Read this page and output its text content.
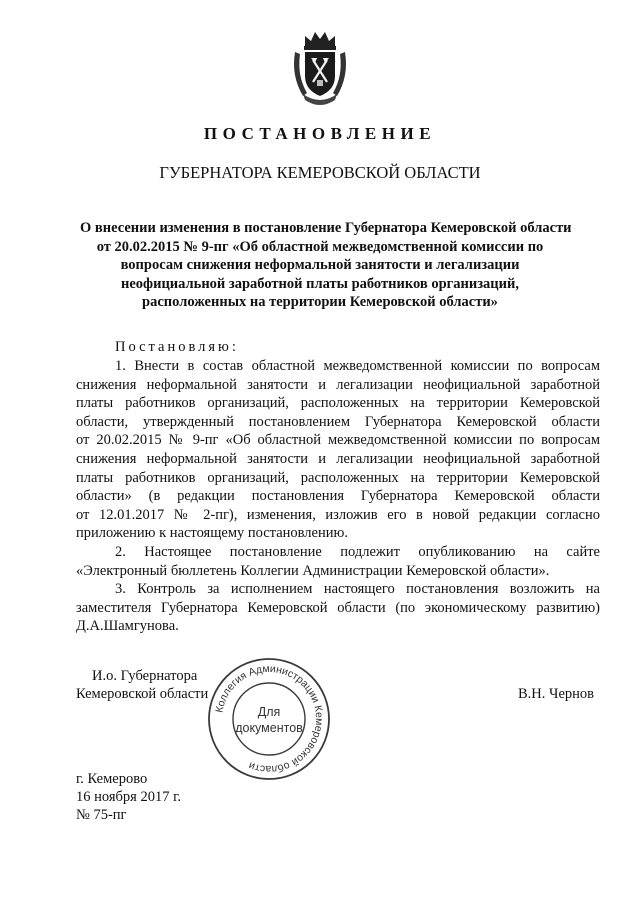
ПОСТАНОВЛЕНИЕ
ГУБЕРНАТОРА КЕМЕРОВСКОЙ ОБЛАСТИ
О внесении изменения в постановление Губернатора Кемеровской области
от 20.02.2015 № 9-пг «Об областной межведомственной комиссии по
вопросам снижения неформальной занятости и легализации
неофициальной заработной платы работников организаций,
расположенных на территории Кемеровской области»
Постановляю:
1. Внести в состав областной межведомственной комиссии по вопросам
снижения неформальной занятости и легализации неофициальной заработной
платы работников организаций, расположенных на территории Кемеровской
области, утвержденный постановлением Губернатора Кемеровской области
от 20.02.2015 № 9-пг «Об областной межведомственной комиссии по вопросам
снижения неформальной занятости и легализации неофициальной заработной
платы работников организаций, расположенных на территории Кемеровской
области» (в редакции постановления Губернатора Кемеровской области
от 12.01.2017 № 2-пг), изменения, изложив его в новой редакции согласно
приложению к настоящему постановлению.
2. Настоящее постановление подлежит опубликованию на сайте
«Электронный бюллетень Коллегии Администрации Кемеровской области».
3. Контроль за исполнением настоящего постановления возложить на
заместителя Губернатора Кемеровской области (по экономическому развитию)
Д.А.Шамгунова.
И.о. Губернатора
Кемеровской области	В.Н. Чернов
Коллегия Администрации Кемеровской области
Для
документов
г. Кемерово
16 ноября 2017 г.
№ 75-пг
